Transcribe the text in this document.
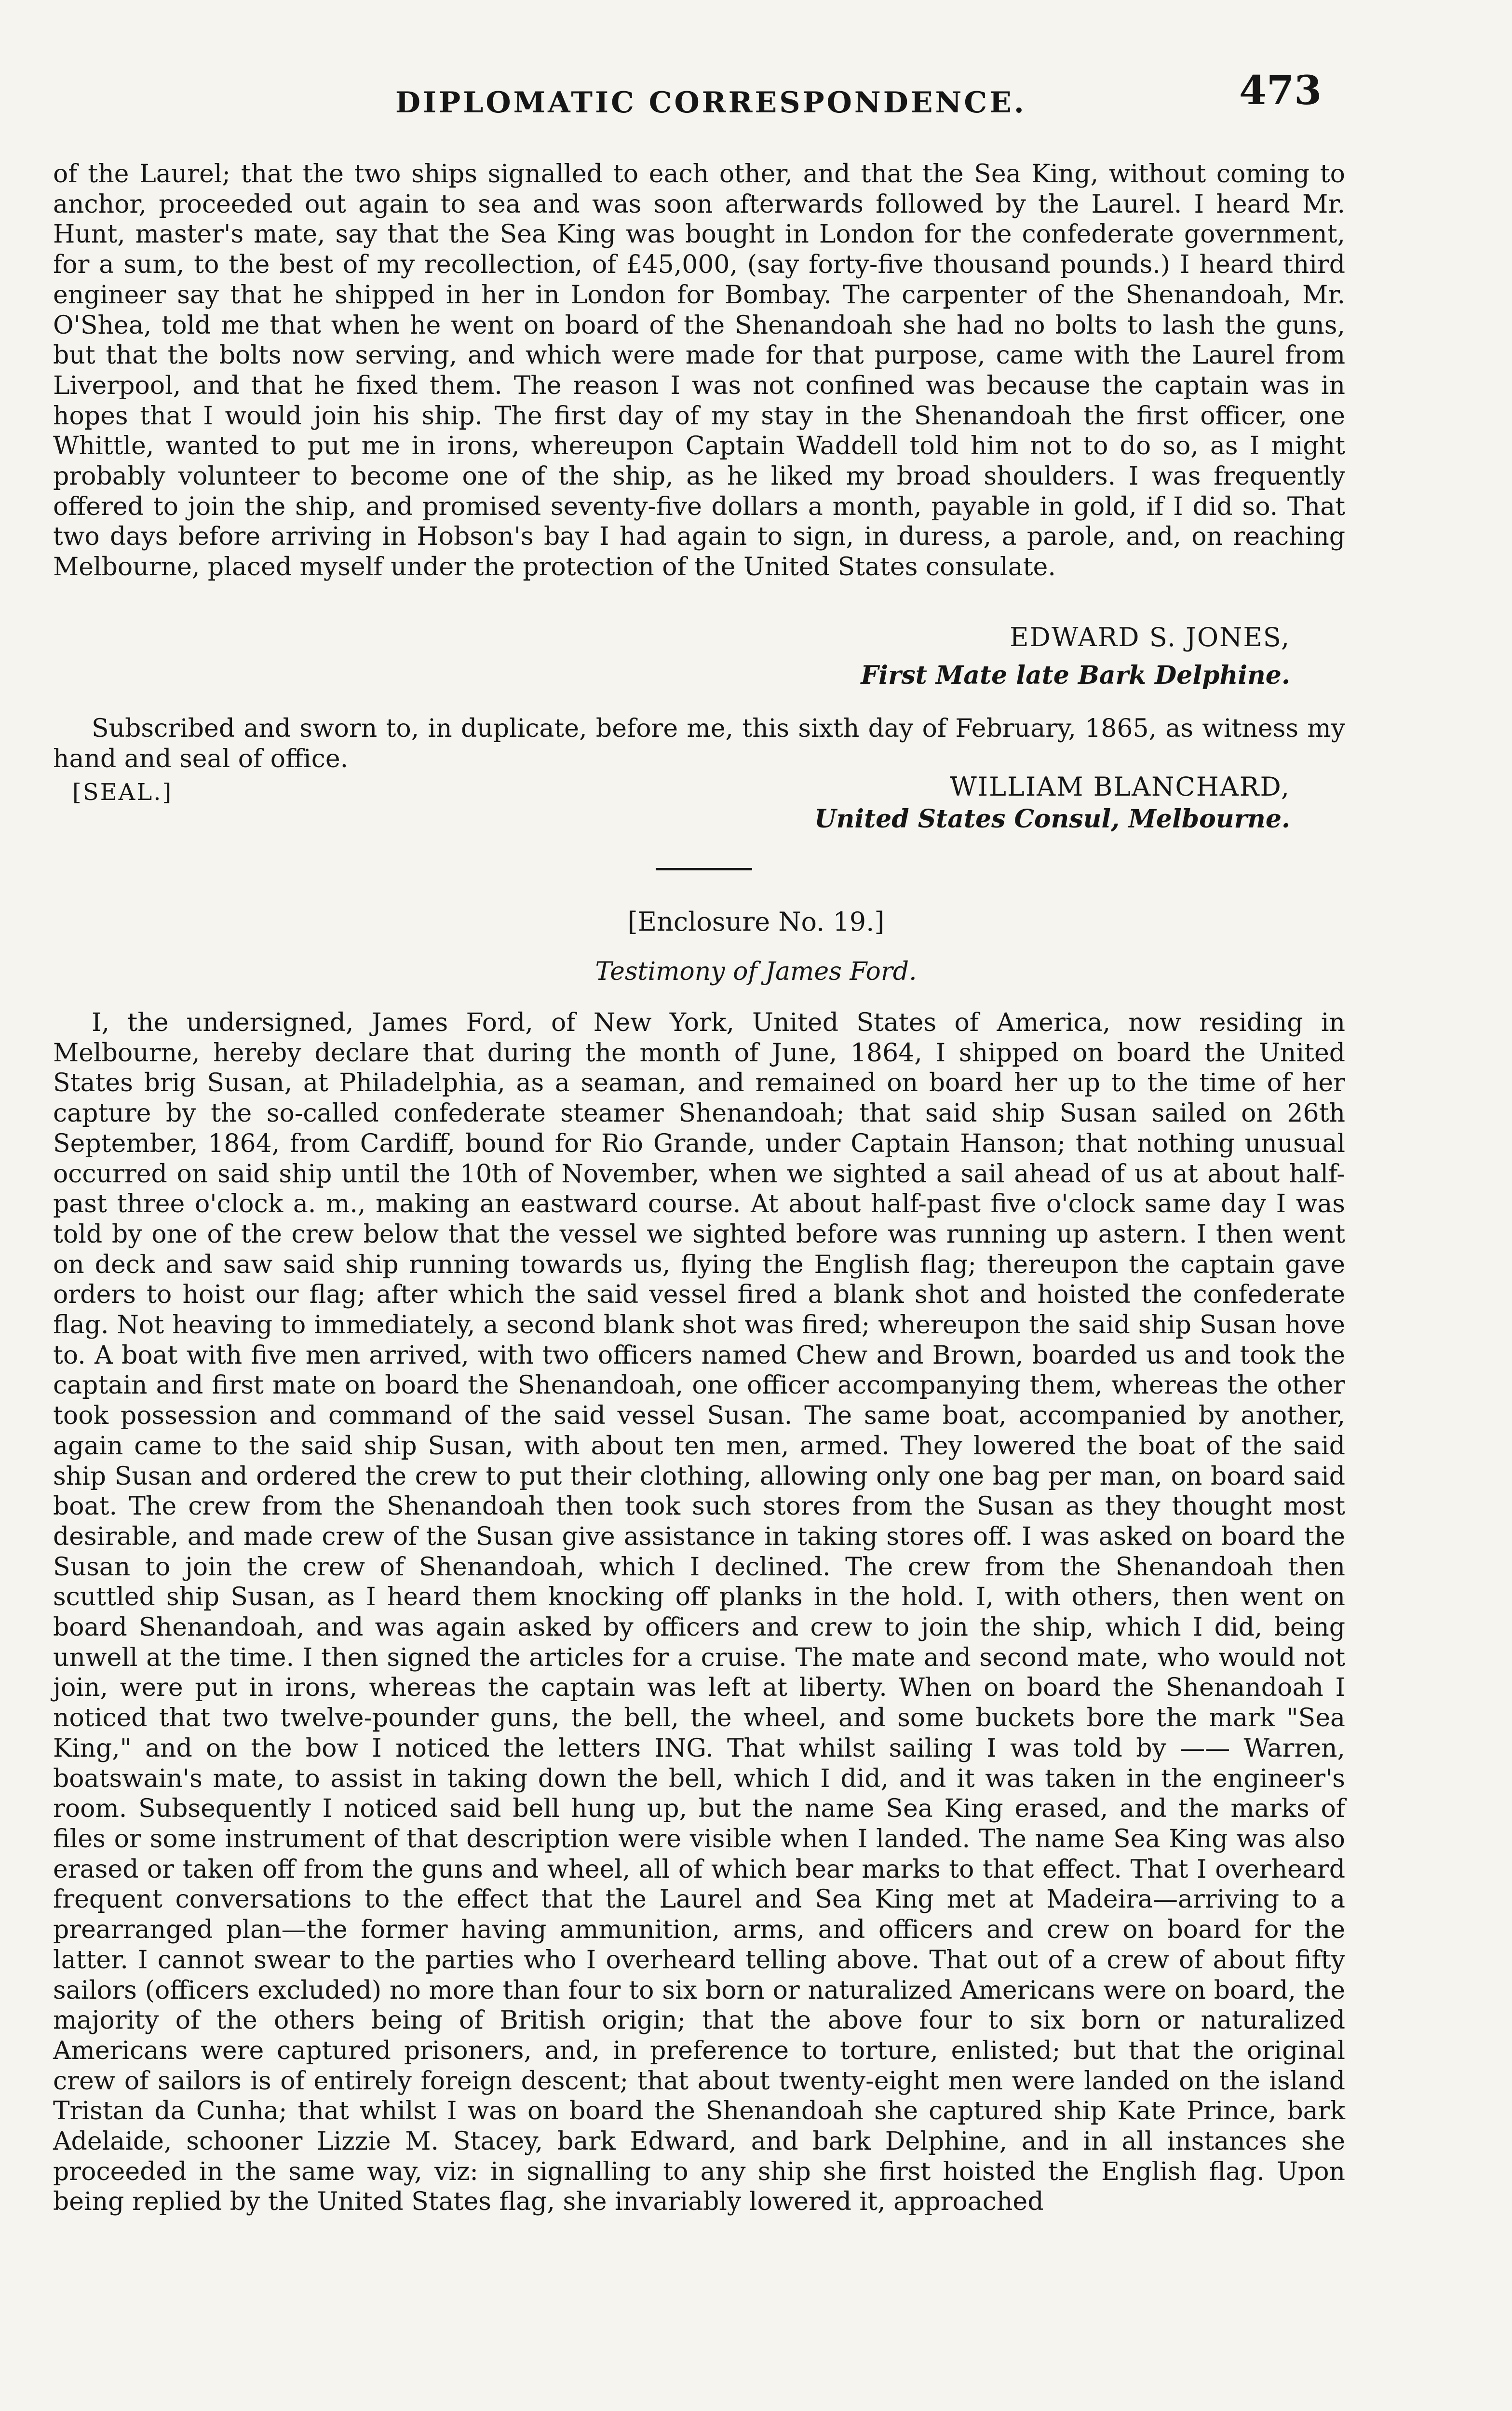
DIPLOMATIC CORRESPONDENCE.	473
of the Laurel; that the two ships signalled to each other, and that the Sea King, without coming to anchor, proceeded out again to sea and was soon afterwards followed by the Laurel. I heard Mr. Hunt, master's mate, say that the Sea King was bought in London for the confederate government, for a sum, to the best of my recollection, of £45,000, (say forty-five thousand pounds.) I heard third engineer say that he shipped in her in London for Bombay. The carpenter of the Shenandoah, Mr. O'Shea, told me that when he went on board of the Shenandoah she had no bolts to lash the guns, but that the bolts now serving, and which were made for that purpose, came with the Laurel from Liverpool, and that he fixed them. The reason I was not confined was because the captain was in hopes that I would join his ship. The first day of my stay in the Shenandoah the first officer, one Whittle, wanted to put me in irons, whereupon Captain Waddell told him not to do so, as I might probably volunteer to become one of the ship, as he liked my broad shoulders. I was frequently offered to join the ship, and promised seventy-five dollars a month, payable in gold, if I did so. That two days before arriving in Hobson's bay I had again to sign, in duress, a parole, and, on reaching Melbourne, placed myself under the protection of the United States consulate.
EDWARD S. JONES,
First Mate late Bark Delphine.
Subscribed and sworn to, in duplicate, before me, this sixth day of February, 1865, as witness my hand and seal of office.
[SEAL.]	WILLIAM BLANCHARD,
United States Consul, Melbourne.
[Enclosure No. 19.]
Testimony of James Ford.
I, the undersigned, James Ford, of New York, United States of America, now residing in Melbourne, hereby declare that during the month of June, 1864, I shipped on board the United States brig Susan, at Philadelphia, as a seaman, and remained on board her up to the time of her capture by the so-called confederate steamer Shenandoah; that said ship Susan sailed on 26th September, 1864, from Cardiff, bound for Rio Grande, under Captain Hanson; that nothing unusual occurred on said ship until the 10th of November, when we sighted a sail ahead of us at about half-past three o'clock a. m., making an eastward course. At about half-past five o'clock same day I was told by one of the crew below that the vessel we sighted before was running up astern. I then went on deck and saw said ship running towards us, flying the English flag; thereupon the captain gave orders to hoist our flag; after which the said vessel fired a blank shot and hoisted the confederate flag. Not heaving to immediately, a second blank shot was fired; whereupon the said ship Susan hove to. A boat with five men arrived, with two officers named Chew and Brown, boarded us and took the captain and first mate on board the Shenandoah, one officer accompanying them, whereas the other took possession and command of the said vessel Susan. The same boat, accompanied by another, again came to the said ship Susan, with about ten men, armed. They lowered the boat of the said ship Susan and ordered the crew to put their clothing, allowing only one bag per man, on board said boat. The crew from the Shenandoah then took such stores from the Susan as they thought most desirable, and made crew of the Susan give assistance in taking stores off. I was asked on board the Susan to join the crew of Shenandoah, which I declined. The crew from the Shenandoah then scuttled ship Susan, as I heard them knocking off planks in the hold. I, with others, then went on board Shenandoah, and was again asked by officers and crew to join the ship, which I did, being unwell at the time. I then signed the articles for a cruise. The mate and second mate, who would not join, were put in irons, whereas the captain was left at liberty. When on board the Shenandoah I noticed that two twelve-pounder guns, the bell, the wheel, and some buckets bore the mark "Sea King," and on the bow I noticed the letters ING. That whilst sailing I was told by —— Warren, boatswain's mate, to assist in taking down the bell, which I did, and it was taken in the engineer's room. Subsequently I noticed said bell hung up, but the name Sea King erased, and the marks of files or some instrument of that description were visible when I landed. The name Sea King was also erased or taken off from the guns and wheel, all of which bear marks to that effect. That I overheard frequent conversations to the effect that the Laurel and Sea King met at Madeira—arriving to a prearranged plan—the former having ammunition, arms, and officers and crew on board for the latter. I cannot swear to the parties who I overheard telling above. That out of a crew of about fifty sailors (officers excluded) no more than four to six born or naturalized Americans were on board, the majority of the others being of British origin; that the above four to six born or naturalized Americans were captured prisoners, and, in preference to torture, enlisted; but that the original crew of sailors is of entirely foreign descent; that about twenty-eight men were landed on the island Tristan da Cunha; that whilst I was on board the Shenandoah she captured ship Kate Prince, bark Adelaide, schooner Lizzie M. Stacey, bark Edward, and bark Delphine, and in all instances she proceeded in the same way, viz: in signalling to any ship she first hoisted the English flag. Upon being replied by the United States flag, she invariably lowered it, approached
